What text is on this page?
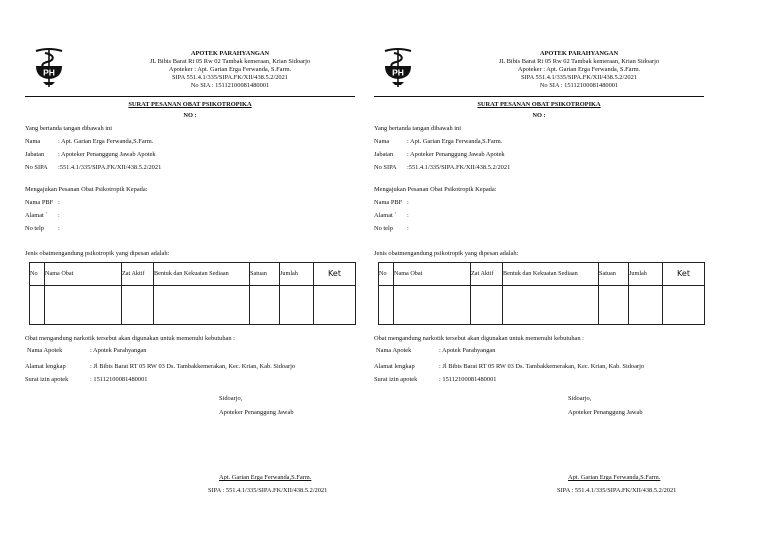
PH
APOTEK PARAHYANGAN
JL Bibis Barat Rt 05 Rw 02 Tambak kemeraan, Krian Sidoarjo
Apoteker : Apt. Garian Erga Ferwanda, S.Farm.
SIPA 551.4.1/335/SIPA.FK/XII/438.5.2/2021
No SIA : 15112100081480001
SURAT PESANAN OBAT PSIKOTROPIKA
NO :
Yang bertanda tangan dibawah ini
Nama	: Apt. Garian Erga Ferwanda,S.Farm.
Jabatan : Apoteker Penanggung Jawab Apotek
No SIPA :551.4.1/335/SIPA.FK/XII/438.5.2/2021
Mengajukan Pesanan Obat Psikotropik Kepada:
Nama PBF :
Alamat ` :
No telp :
Jenis obatmengandung psikotropik yang dipesan adalah:
No	Nama Obat	Zat Aktif	Bentuk dan Kekuatan Sediaan	Satuan	Jumlah	Ket

Obat mengandung narkotik tersebut akan digunakan untuk memenuhi kebutuhan :
Nama Apotek	: Apotek Parahyangan
Alamat lengkap	: Jl Bibis Barat RT 05 RW 03 Ds. Tambakkemerakan, Kec. Krian, Kab. Sidoarjo
Surat izin apotek	: 15112100081480001
Sidoarjo,
Apoteker Penanggung Jawab
Apt. Garian Erga Ferwanda,S.Farm.
SIPA : 551.4.1/335/SIPA.FK/XII/438.5.2/2021
PH
APOTEK PARAHYANGAN
JL Bibis Barat Rt 05 Rw 02 Tambak kemeraan, Krian Sidoarjo
Apoteker : Apt. Garian Erga Ferwanda, S.Farm.
SIPA 551.4.1/335/SIPA.FK/XII/438.5.2/2021
No SIA : 15112100081480001
SURAT PESANAN OBAT PSIKOTROPIKA
NO :
Yang bertanda tangan dibawah ini
Nama	: Apt. Garian Erga Ferwanda,S.Farm.
Jabatan : Apoteker Penanggung Jawab Apotek
No SIPA :551.4.1/335/SIPA.FK/XII/438.5.2/2021
Mengajukan Pesanan Obat Psikotropik Kepada:
Nama PBF :
Alamat ` :
No telp :
Jenis obatmengandung psikotropik yang dipesan adalah:
No	Nama Obat	Zat Aktif	Bentuk dan Kekuatan Sediaan	Satuan	Jumlah	Ket

Obat mengandung narkotik tersebut akan digunakan untuk memenuhi kebutuhan :
Nama Apotek	: Apotek Parahyangan
Alamat lengkap	: Jl Bibis Barat RT 05 RW 03 Ds. Tambakkemerakan, Kec. Krian, Kab. Sidoarjo
Surat izin apotek	: 15112100081480001
Sidoarjo,
Apoteker Penanggung Jawab
Apt. Garian Erga Ferwanda,S.Farm.
SIPA : 551.4.1/335/SIPA.FK/XII/438.5.2/2021
